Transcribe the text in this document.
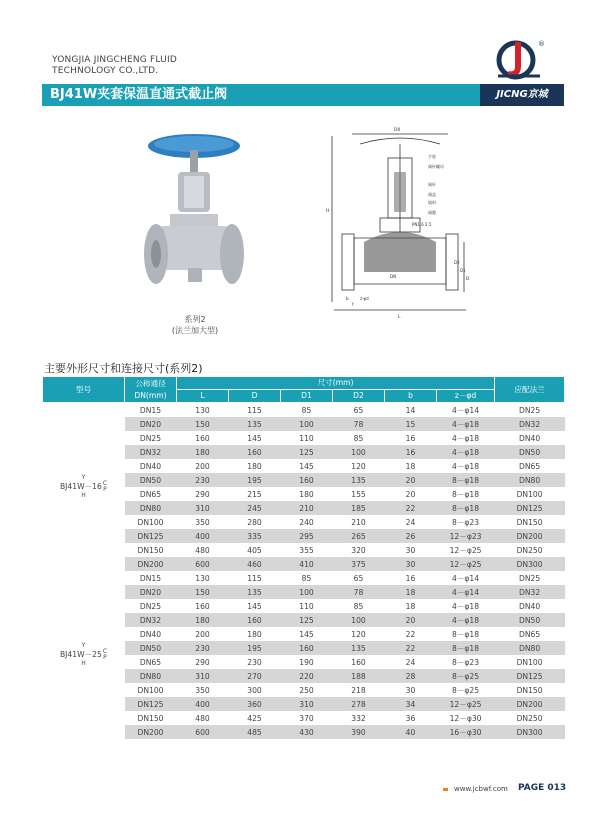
YONGJIA JINGCHENG FLUID
TECHNOLOGY CO.,LTD.
®
BJ41W夹套保温直通式截止阀	JICNG京城
系列2
(法兰加大型)
D0
H
手轮
阀杆螺母
阀杆
阀盖
填料
阀瓣
PN1.6 2.5
DN
D2
D1
D
L
z-φd
b
f
主要外形尺寸和连接尺寸(系列2)
型号	公称通径
DN(mm)	尺寸(mm)						应配法兰
		L	D	D1	D2	b	z－φd	

Y
BJ41W－16 C
P
H	DN15	130	115	85	65	14	4－φ14	DN25
	DN20	150	135	100	78	15	4－φ18	DN32
	DN25	160	145	110	85	16	4－φ18	DN40
	DN32	180	160	125	100	16	4－φ18	DN50
	DN40	200	180	145	120	18	4－φ18	DN65
	DN50	230	195	160	135	20	8－φ18	DN80
	DN65	290	215	180	155	20	8－φ18	DN100
	DN80	310	245	210	185	22	8－φ18	DN125
	DN100	350	280	240	210	24	8－φ23	DN150
	DN125	400	335	295	265	26	12－φ23	DN200
	DN150	480	405	355	320	30	12－φ25	DN250
	DN200	600	460	410	375	30	12－φ25	DN300

Y
BJ41W－25 C
P
H	DN15	130	115	85	65	16	4－φ14	DN25
	DN20	150	135	100	78	18	4－φ14	DN32
	DN25	160	145	110	85	18	4－φ18	DN40
	DN32	180	160	125	100	20	4－φ18	DN50
	DN40	200	180	145	120	22	8－φ18	DN65
	DN50	230	195	160	135	22	8－φ18	DN80
	DN65	290	230	190	160	24	8－φ23	DN100
	DN80	310	270	220	188	28	8－φ25	DN125
	DN100	350	300	250	218	30	8－φ25	DN150
	DN125	400	360	310	278	34	12－φ25	DN200
	DN150	480	425	370	332	36	12－φ30	DN250
	DN200	600	485	430	390	40	16－φ30	DN300
www.jcbwf.com PAGE 013
